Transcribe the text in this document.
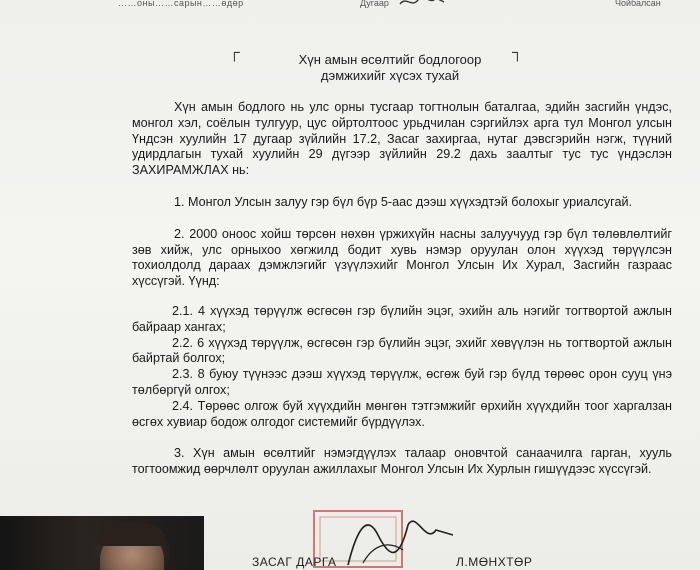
……оны……сарын……өдөр	Дугаар	Чойбалсан
┌	┐
Хүн амын өсөлтийг бодлогоор
дэмжихийг хүсэх тухай

Хүн амын бодлого нь улс орны тусгаар тогтнолын баталгаа, эдийн засгийн үндэс, монгол хэл, соёлын тулгуур, цус ойртолтоос урьдчилан сэргийлэх арга тул Монгол улсын Үндсэн хуулийн 17 дугаар зүйлийн 17.2, Засаг захиргаа, нутаг дэвсгэрийн нэгж, түүний удирдлагын тухай хуулийн 29 дүгээр зүйлийн 29.2 дахь заалтыг тус тус үндэслэн ЗАХИРАМЖЛАХ нь:

1. Монгол Улсын залуу гэр бүл бүр 5-аас дээш хүүхэдтэй болохыг уриалсугай.

2. 2000 оноос хойш төрсөн нөхөн үржихүйн насны залуучууд гэр бүл төлөвлөлтийг зөв хийж, улс орныхоо хөгжилд бодит хувь нэмэр оруулан олон хүүхэд төрүүлсэн тохиолдолд дараах дэмжлэгийг үзүүлэхийг Монгол Улсын Их Хурал, Засгийн газраас хүссүгэй. Үүнд:

2.1. 4 хүүхэд төрүүлж өсгөсөн гэр бүлийн эцэг, эхийн аль нэгийг тогтвортой ажлын байраар хангах;

2.2. 6 хүүхэд төрүүлж, өсгөсөн гэр бүлийн эцэг, эхийг хөвүүлэн нь тогтвортой ажлын байртай болгох;

2.3. 8 буюу түүнээс дээш хүүхэд төрүүлж, өсгөж буй гэр бүлд төрөөс орон сууц үнэ төлбөргүй олгох;

2.4. Төрөөс олгож буй хүүхдийн мөнгөн тэтгэмжийг өрхийн хүүхдийн тоог харгалзан өсгөх хувиар бодож олгодог системийг бүрдүүлэх.

3. Хүн амын өсөлтийг нэмэгдүүлэх талаар оновчтой санаачилга гарган, хууль тогтоомжид өөрчлөлт оруулан ажиллахыг Монгол Улсын Их Хурлын гишүүдээс хүссүгэй.

ЗАСАГ ДАРГА	Л.МӨНХТӨР
